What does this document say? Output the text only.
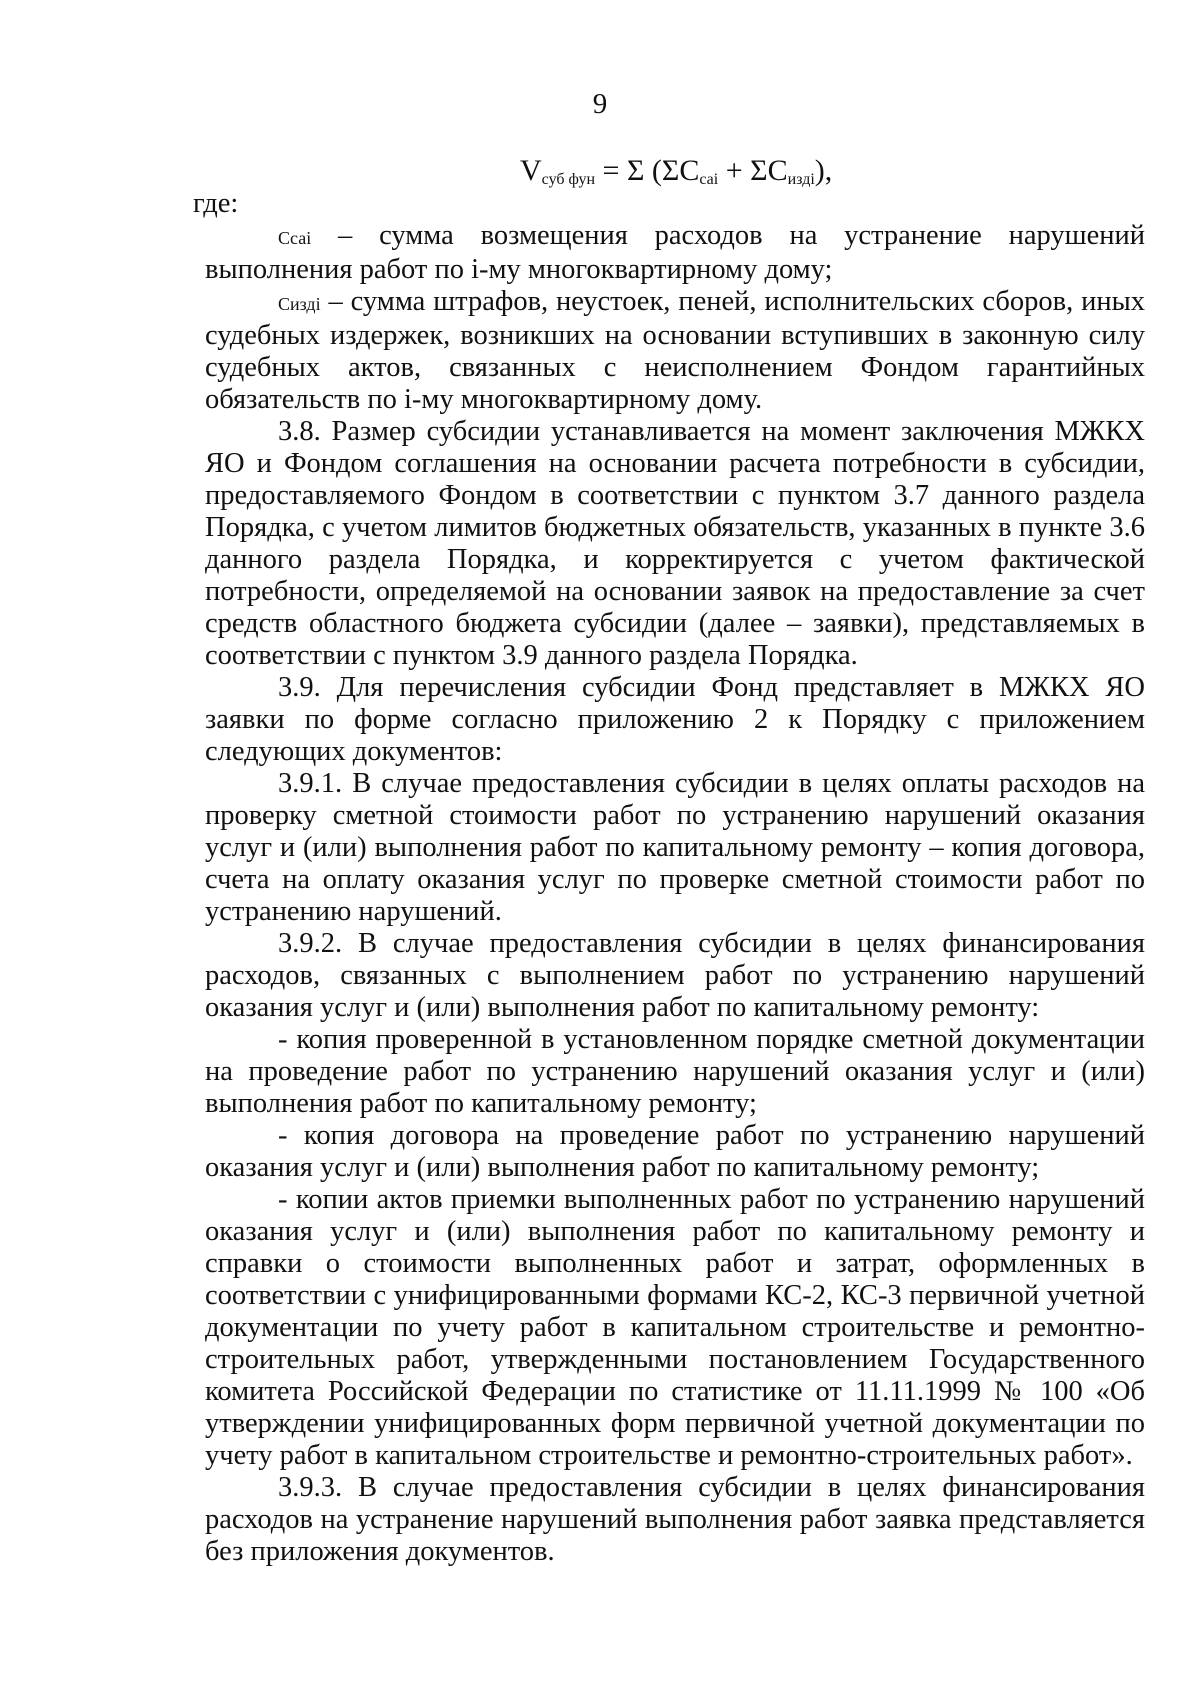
9
$V_{суб фун} = \Sigma$ $(\Sigma C_{саi} + \Sigma C_{издi})$,

где:

Cсаi – сумма возмещения расходов на устранение нарушений выполнения работ по i-му многоквартирному дому;

Cиздi – сумма штрафов, неустоек, пеней, исполнительских сборов, иных судебных издержек, возникших на основании вступивших в законную силу судебных актов, связанных с неисполнением Фондом гарантийных обязательств по i-му многоквартирному дому.

3.8. Размер субсидии устанавливается на момент заключения МЖКХ ЯО и Фондом соглашения на основании расчета потребности в субсидии, предоставляемого Фондом в соответствии с пунктом 3.7 данного раздела Порядка, с учетом лимитов бюджетных обязательств, указанных в пункте 3.6 данного раздела Порядка, и корректируется с учетом фактической потребности, определяемой на основании заявок на предоставление за счет средств областного бюджета субсидии (далее – заявки), представляемых в соответствии с пунктом 3.9 данного раздела Порядка.

3.9. Для перечисления субсидии Фонд представляет в МЖКХ ЯО заявки по форме согласно приложению 2 к Порядку с приложением следующих документов:

3.9.1. В случае предоставления субсидии в целях оплаты расходов на проверку сметной стоимости работ по устранению нарушений оказания услуг и (или) выполнения работ по капитальному ремонту – копия договора, счета на оплату оказания услуг по проверке сметной стоимости работ по устранению нарушений.

3.9.2. В случае предоставления субсидии в целях финансирования расходов, связанных с выполнением работ по устранению нарушений оказания услуг и (или) выполнения работ по капитальному ремонту:

- копия проверенной в установленном порядке сметной документации на проведение работ по устранению нарушений оказания услуг и (или) выполнения работ по капитальному ремонту;

- копия договора на проведение работ по устранению нарушений оказания услуг и (или) выполнения работ по капитальному ремонту;

- копии актов приемки выполненных работ по устранению нарушений оказания услуг и (или) выполнения работ по капитальному ремонту и справки о стоимости выполненных работ и затрат, оформленных в соответствии с унифицированными формами КС-2, КС-3 первичной учетной документации по учету работ в капитальном строительстве и ремонтно-строительных работ, утвержденными постановлением Государственного комитета Российской Федерации по статистике от 11.11.1999 № 100 «Об утверждении унифицированных форм первичной учетной документации по учету работ в капитальном строительстве и ремонтно-строительных работ».

3.9.3. В случае предоставления субсидии в целях финансирования расходов на устранение нарушений выполнения работ заявка представляется без приложения документов.
